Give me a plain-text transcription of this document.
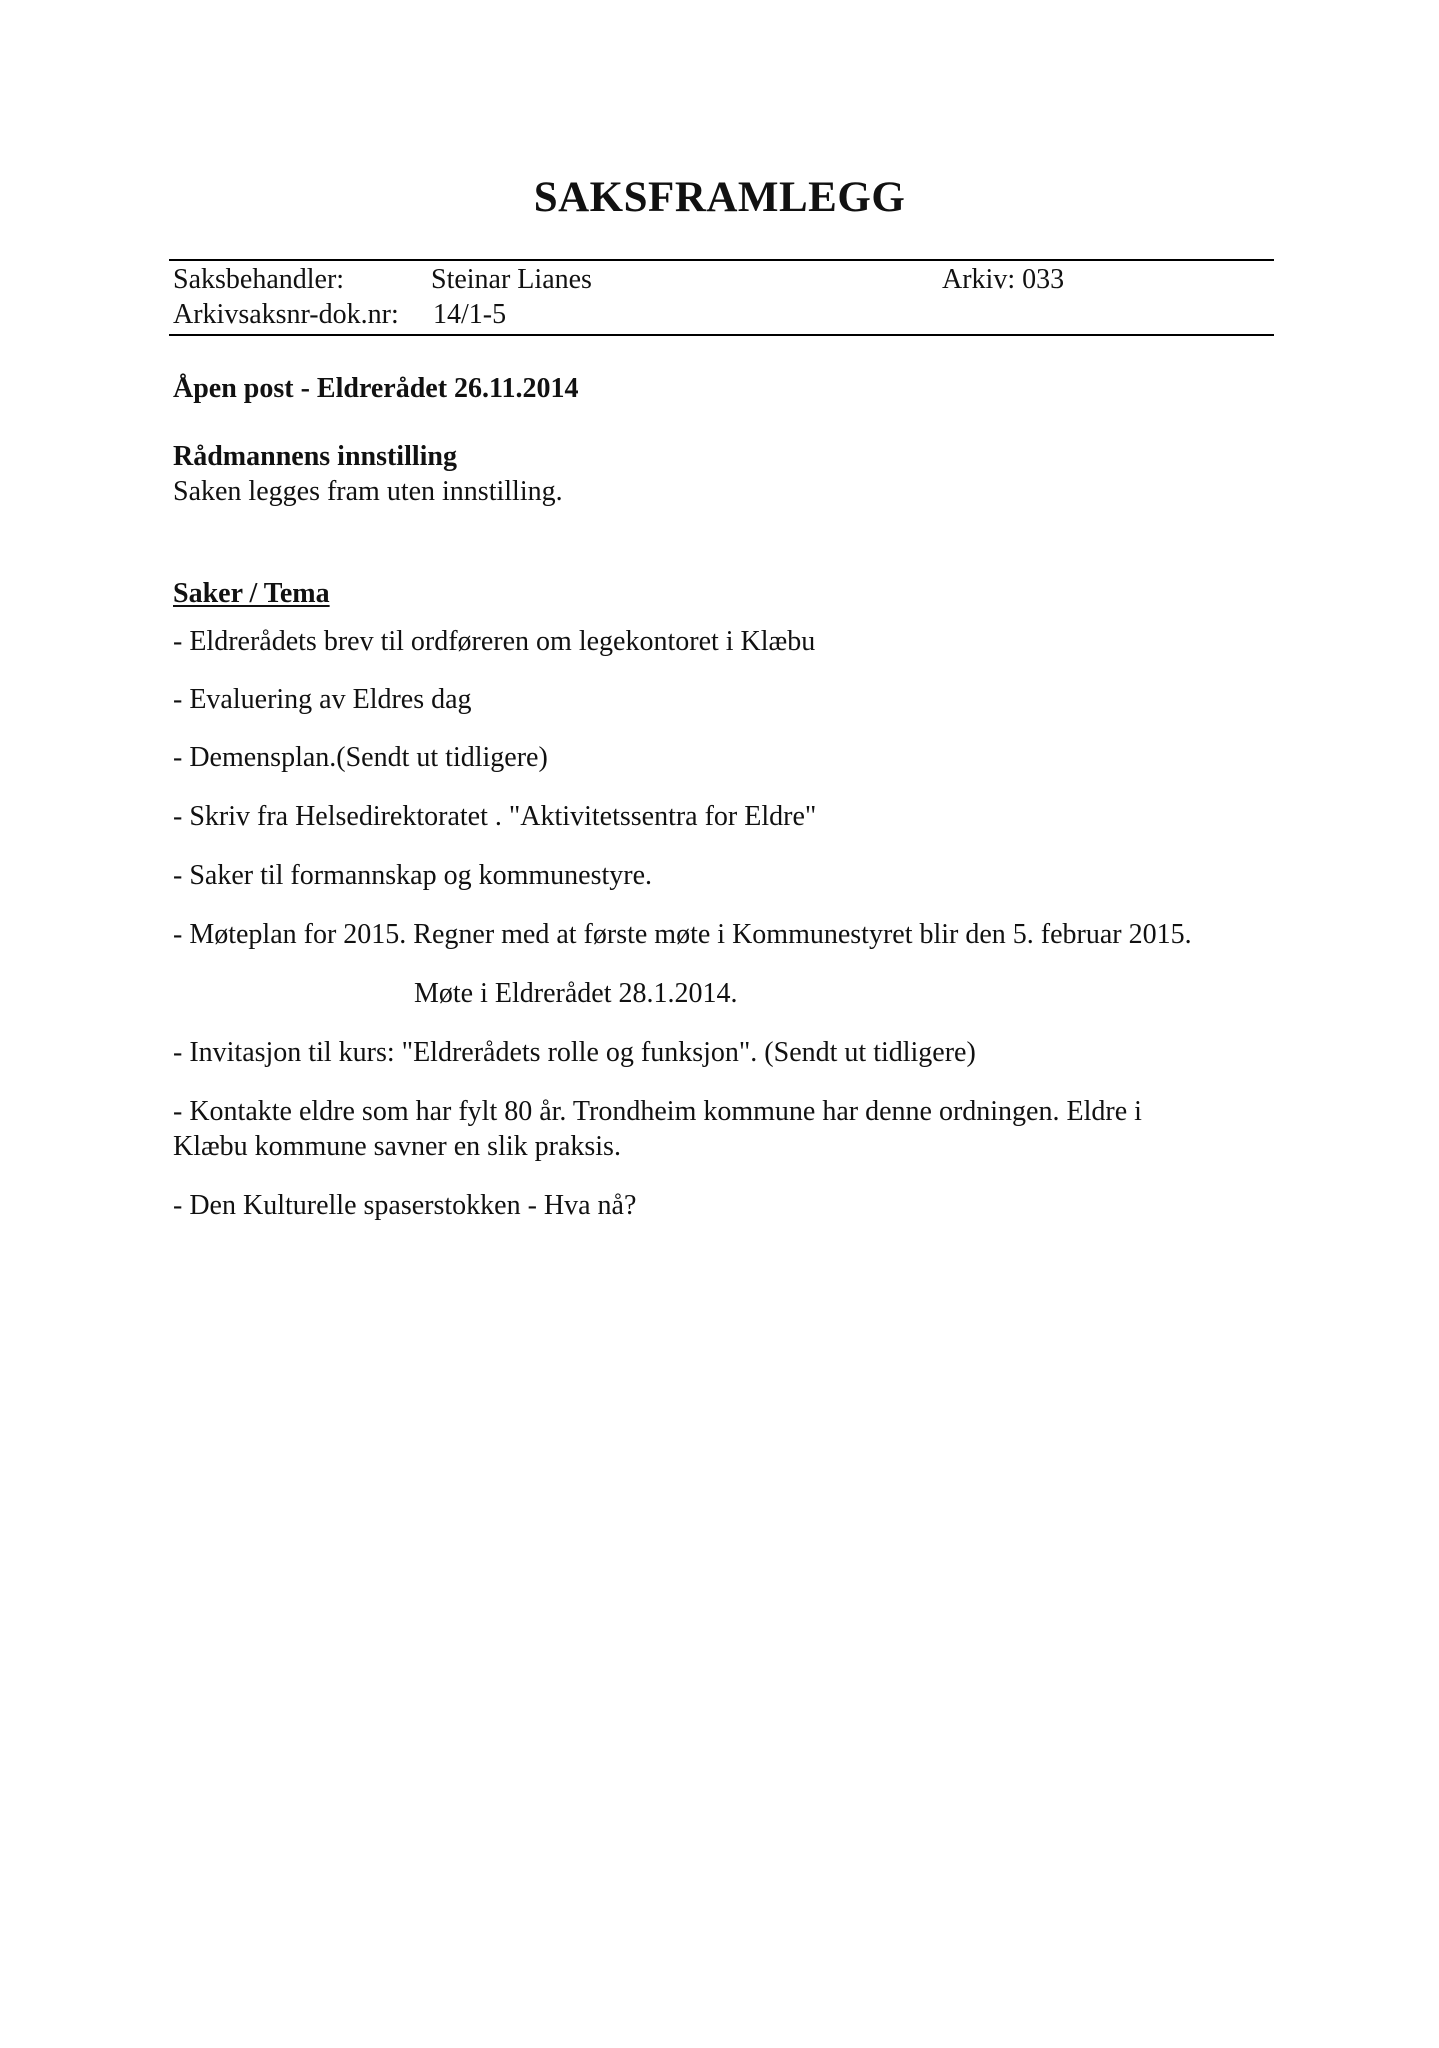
SAKSFRAMLEGG
Saksbehandler:	Steinar Lianes	Arkiv: 033
Arkivsaksnr-dok.nr: 14/1-5
Åpen post - Eldrerådet 26.11.2014
Rådmannens innstilling
Saken legges fram uten innstilling.
Saker / Tema
- Eldrerådets brev til ordføreren om legekontoret i Klæbu
- Evaluering av Eldres dag
- Demensplan.(Sendt ut tidligere)
- Skriv fra Helsedirektoratet . "Aktivitetssentra for Eldre"
- Saker til formannskap og kommunestyre.
- Møteplan for 2015. Regner med at første møte i Kommunestyret blir den 5. februar 2015.
Møte i Eldrerådet 28.1.2014.
- Invitasjon til kurs: "Eldrerådets rolle og funksjon". (Sendt ut tidligere)
- Kontakte eldre som har fylt 80 år. Trondheim kommune har denne ordningen. Eldre i
Klæbu kommune savner en slik praksis.
- Den Kulturelle spaserstokken - Hva nå?
